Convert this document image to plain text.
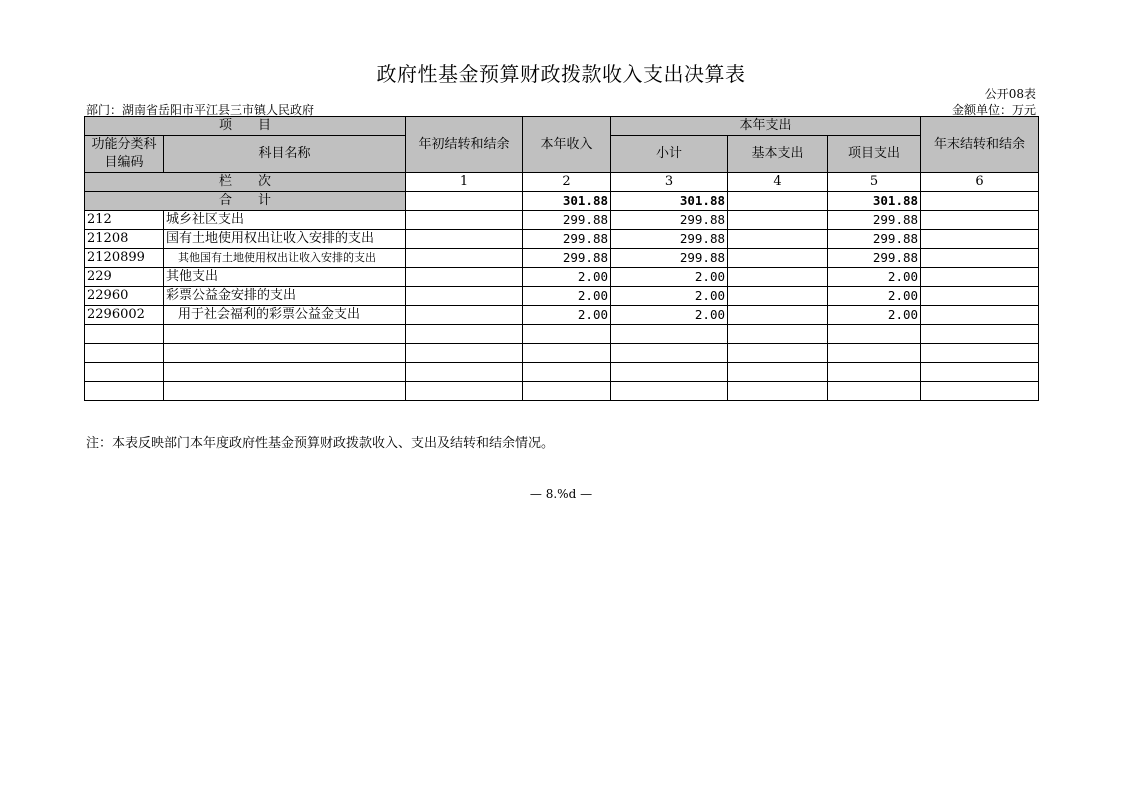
政府性基金预算财政拨款收入支出决算表
公开08表
部门：湖南省岳阳市平江县三市镇人民政府	金额单位：万元
项　　目		年初结转和结余	本年收入	本年支出			年末结转和结余
功能分类科目编码	科目名称			小计	基本支出	项目支出	

栏　　次		1	2	3	4	5	6
合　　计			301.88	301.88		301.88	
212	城乡社区支出		299.88	299.88		299.88	
21208	国有土地使用权出让收入安排的支出		299.88	299.88		299.88	
2120899	其他国有土地使用权出让收入安排的支出		299.88	299.88		299.88	
229	其他支出		2.00	2.00		2.00	
22960	彩票公益金安排的支出		2.00	2.00		2.00	
2296002	用于社会福利的彩票公益金支出		2.00	2.00		2.00	

注：本表反映部门本年度政府性基金预算财政拨款收入、支出及结转和结余情况。
— 8.%d —
